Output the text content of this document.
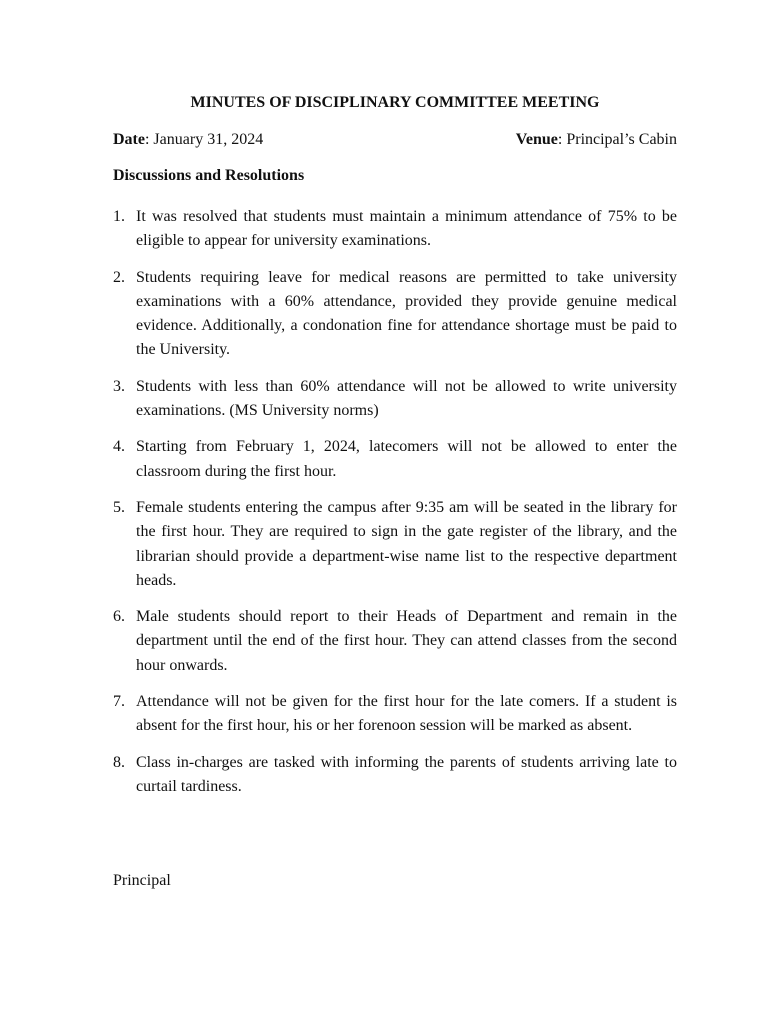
MINUTES OF DISCIPLINARY COMMITTEE MEETING
Date: January 31, 2024	Venue: Principal’s Cabin
Discussions and Resolutions
1. It was resolved that students must maintain a minimum attendance of 75% to be eligible to appear for university examinations.
2. Students requiring leave for medical reasons are permitted to take university examinations with a 60% attendance, provided they provide genuine medical evidence. Additionally, a condonation fine for attendance shortage must be paid to the University.
3. Students with less than 60% attendance will not be allowed to write university examinations. (MS University norms)
4. Starting from February 1, 2024, latecomers will not be allowed to enter the classroom during the first hour.
5. Female students entering the campus after 9:35 am will be seated in the library for the first hour. They are required to sign in the gate register of the library, and the librarian should provide a department-wise name list to the respective department heads.
6. Male students should report to their Heads of Department and remain in the department until the end of the first hour. They can attend classes from the second hour onwards.
7. Attendance will not be given for the first hour for the late comers. If a student is absent for the first hour, his or her forenoon session will be marked as absent.
8. Class in-charges are tasked with informing the parents of students arriving late to curtail tardiness.
Principal
